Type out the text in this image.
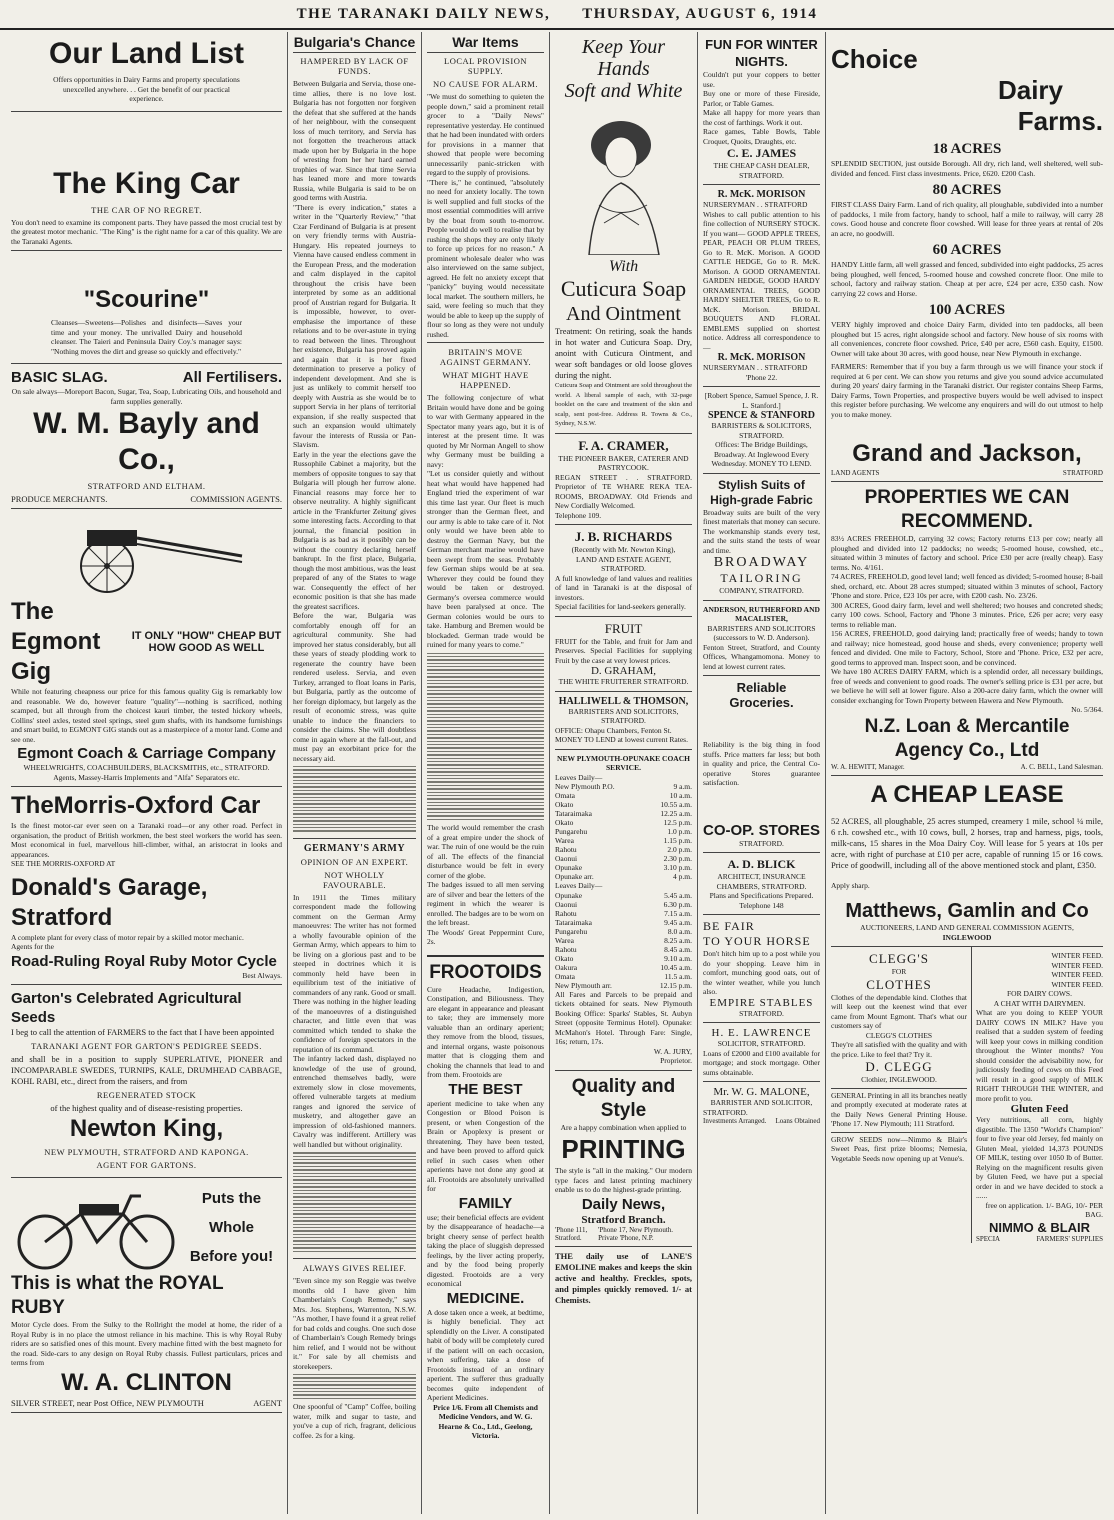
THE TARANAKI DAILY NEWS, THURSDAY, AUGUST 6, 1914
Our Land List
Offers opportunities in Dairy Farms and property speculations unexcelled anywhere. . . Get the benefit of our practical experience.
The King Car
THE CAR OF NO REGRET.
You don't need to examine its component parts. They have passed the most crucial test by the greatest motor mechanic. "The King" is the right name for a car of this quality. We are the Taranaki Agents.
"Scourine"
Cleanses—Sweetens—Polishes and disinfects—Saves your time and your money. The unrivalled Dairy and household cleanser. The Taieri and Peninsula Dairy Coy.'s manager says: "Nothing moves the dirt and grease so quickly and effectively."
BASIC SLAG.	All Fertilisers.
On sale always—Moreport Bacon, Sugar, Tea, Soap, Lubricating Oils, and household and farm supplies generally.
W. M. Bayly and Co.,
STRATFORD AND ELTHAM.
PRODUCE MERCHANTS.	COMMISSION AGENTS.
The Egmont Gig
IT ONLY "HOW" CHEAP BUT HOW GOOD AS WELL
While not featuring cheapness our price for this famous quality Gig is remarkably low and reasonable. We do, however feature "quality"—nothing is sacrificed, nothing scamped, but all through from the choicest kauri timber, the tested hickory wheels, Collins' steel axles, tested steel springs, steel gum shafts, with its handsome furnishings and smart build, to EGMONT GIG stands out as a masterpiece of a motor land. Come and see one.
Egmont Coach & Carriage Company
WHEELWRIGHTS, COACHBUILDERS, BLACKSMITHS, etc., STRATFORD.
Agents, Massey-Harris Implements and "Alfa" Separators etc.
TheMorris-Oxford Car
Is the finest motor-car ever seen on a Taranaki road—or any other road. Perfect in organisation, the product of British workmen, the best steel workers the world has seen. Most economical in fuel, marvellous hill-climber, withal, an aristocrat in looks and appearances.
SEE THE MORRIS-OXFORD AT
Donald's Garage, Stratford
A complete plant for every class of motor repair by a skilled motor mechanic.
Agents for the
Road-Ruling Royal Ruby Motor Cycle
Best Always.
Garton's Celebrated Agricultural Seeds
I beg to call the attention of FARMERS to the fact that I have been appointed
TARANAKI AGENT FOR GARTON'S PEDIGREE SEEDS.
and shall be in a position to supply SUPERLATIVE, PIONEER and INCOMPARABLE SWEDES, TURNIPS, KALE, DRUMHEAD CABBAGE, KOHL RABI, etc., direct from the raisers, and from
REGENERATED STOCK
of the highest quality and of disease-resisting properties.
Newton King,
NEW PLYMOUTH, STRATFORD AND KAPONGA.
AGENT FOR GARTONS.
Puts the
Whole
Before you!
This is what the ROYAL RUBY
Motor Cycle does. From the Sulky to the Rollright the model at home, the rider of a Royal Ruby is in no place the utmost reliance in his machine. This is why Royal Ruby riders are so satisfied ones of this mount. Every machine fitted with the best magneto for the road. Side-cars to any design on Royal Ruby chassis. Fullest particulars, prices and terms from
W. A. CLINTON
SILVER STREET, near Post Office, NEW PLYMOUTH	AGENT
Bulgaria's Chance
HAMPERED BY LACK OF FUNDS.
Between Bulgaria and Servia, those one-time allies, there is no love lost. Bulgaria has not forgotten nor forgiven the defeat that she suffered at the hands of her neighbour, with the consequent loss of much territory, and Servia has not forgotten the treacherous attack made upon her by Bulgaria in the hope of wresting from her her hard earned trophies of war. Since that time Servia has leaned more and more towards Russia, while Bulgaria is said to be on good terms with Austria.
"There is every indication," states a writer in the "Quarterly Review," "that Czar Ferdinand of Bulgaria is at present on very friendly terms with Austria-Hungary. His repeated journeys to Vienna have caused endless comment in the European Press, and the moderation and calm displayed in the capitol throughout the crisis have been interpreted by some as an additional proof of Austrian regard for Bulgaria. It is impossible, however, to over-emphasise the importance of these relations and to be over-astute in trying to read between the lines. Throughout her existence, Bulgaria has proved again and again that it is her fixed determination to preserve a policy of independent development. And she is just as unlikely to commit herself too deeply with Austria as she would be to support Servia in her plans of territorial expansion, if she really suspected that such an expansion would ultimately favour the interests of Russia or Pan-Slavism.
Early in the year the elections gave the Russophile Cabinet a majority, but the members of opposite tongues to say that Bulgaria will plough her furrow alone. Financial reasons may force her to observe neutrality. A highly significant article in the 'Frankfurter Zeitung' gives some interesting facts. According to that journal, the financial position in Bulgaria is as bad as it possibly can be without the country declaring herself bankrupt. In the first place, Bulgaria, though the most ambitious, was the least prepared of any of the States to wage war. Consequently the effect of her economic position is that she has made the greatest sacrifices.
Before the war, Bulgaria was comfortably enough off for an agricultural community. She had improved her status considerably, but all these years of steady plodding work to regenerate the country have been rendered useless. Servia, and even Turkey, arranged to float loans in Paris, but Bulgaria, partly as the outcome of her foreign diplomacy, but largely as the result of economic stress, was quite unable to induce the financiers to consider the claims. She will doubtless come in again where at the fall-out, and must pay an exorbitant price for the necessary aid.
GERMANY'S ARMY
OPINION OF AN EXPERT.
NOT WHOLLY FAVOURABLE.
In 1911 the Times military correspondent made the following comment on the German Army manoeuvres: The writer has not formed a wholly favourable opinion of the German Army, which appears to him to be living on a glorious past and to be steeped in doctrines which it is commonly held have been in equilibrium test of the initiative of commanders of any rank. Good or small. There was nothing in the higher leading of the manoeuvres of a distinguished character, and little even that was committed which tended to shake the confidence of foreign spectators in the reputation of its command.
The infantry lacked dash, displayed no knowledge of the use of ground, entrenched themselves badly, were extremely slow in close movements, offered vulnerable targets at medium ranges and ignored the service of musketry, and altogether gave an impression of old-fashioned manners. Cavalry was indifferent. Artillery was well handled but without originality.
ALWAYS GIVES RELIEF.
"Even since my son Reggie was twelve months old I have given him Chamberlain's Cough Remedy," says Mrs. Jos. Stephens, Warrenton, N.S.W. "As mother, I have found it a great relief for bad colds and coughs. One such dose of Chamberlain's Cough Remedy brings him relief, and I would not be without it." For sale by all chemists and storekeepers.
One spoonful of "Camp" Coffee, boiling water, milk and sugar to taste, and you've a cup of rich, fragrant, delicious coffee. 2s for a king.
War Items
LOCAL PROVISION SUPPLY.
NO CAUSE FOR ALARM.
"We must do something to quieten the people down," said a prominent retail grocer to a "Daily News" representative yesterday. He continued that he had been inundated with orders for provisions in a manner that showed that people were becoming unnecessarily panic-stricken with regard to the supply of provisions.
"There is," he continued, "absolutely no need for anxiety locally. The town is well supplied and full stocks of the most essential commodities will arrive by the boat from south to-morrow. People would do well to realise that by rushing the shops they are only likely to force up prices for no reason." A prominent wholesale dealer who was also interviewed on the same subject, agreed. He felt no anxiety except that "panicky" buying would necessitate local market. The southern millers, he said, were feeling so much that they would be able to keep up the supply of flour so long as they were not unduly rushed.
BRITAIN'S MOVE AGAINST GERMANY.
WHAT MIGHT HAVE HAPPENED.
The following conjecture of what Britain would have done and be going to war with Germany appeared in the Spectator many years ago, but it is of interest at the present time. It was quoted by Mr Norman Angell to show why Germany must be building a navy:
"Let us consider quietly and without heat what would have happened had England tried the experiment of war this time last year. Our fleet is much stronger than the German fleet, and our army is able to take care of it. Not only would we have been able to destroy the German Navy, but the German merchant marine would have been swept from the seas. Probably few German ships would be at sea. Wherever they could be found they would be taken or destroyed. Germany's oversea commerce would have been paralysed at once. The German colonies would be ours to take. Hamburg and Bremen would be blockaded. German trade would be ruined for many years to come."
The world would remember the crash of a great empire under the shock of war. The ruin of one would be the ruin of all. The effects of the financial disturbance would be felt in every corner of the globe.
The badges issued to all men serving are of silver and bear the letters of the regiment in which the wearer is enrolled. The badges are to be worn on the left breast.
The Woods' Great Peppermint Cure, 2s.
FROOTOIDS
Cure Headache, Indigestion, Constipation, and Biliousness. They are elegant in appearance and pleasant to take; they are immensely more valuable than an ordinary aperient; they remove from the blood, tissues, and internal organs, waste poisonous matter that is clogging them and choking the channels that lead to and from them. Frootoids are
THE BEST
aperient medicine to take when any Congestion or Blood Poison is present, or when Congestion of the Brain or Apoplexy is present or threatening. They have been tested, and have been proved to afford quick relief in such cases when other aperients have not done any good at all. Frootoids are absolutely unrivalled for
FAMILY
use; their beneficial effects are evident by the disappearance of headache—a bright cheery sense of perfect health taking the place of sluggish depressed feelings, by the liver acting properly, and by the food being properly digested. Frootoids are a very economical
MEDICINE.
A dose taken once a week, at bedtime, is highly beneficial. They act splendidly on the Liver. A constipated habit of body will be completely cured if the patient will on each occasion, when suffering, take a dose of Frootoids instead of an ordinary aperient. The sufferer thus gradually becomes quite independent of Aperient Medicines.
Price 1/6. From all Chemists and Medicine Vendors, and W. G. Hearne & Co., Ltd., Geelong, Victoria.
Keep Your Hands
Soft and White
With
Cuticura Soap
And Ointment
Treatment: On retiring, soak the hands in hot water and Cuticura Soap. Dry, anoint with Cuticura Ointment, and wear soft bandages or old loose gloves during the night.
Cuticura Soap and Ointment are sold throughout the world. A liberal sample of each, with 32-page booklet on the care and treatment of the skin and scalp, sent post-free. Address R. Towns & Co., Sydney, N.S.W.
F. A. CRAMER,
THE PIONEER BAKER, CATERER AND PASTRYCOOK.
REGAN STREET . . STRATFORD. Proprietor of TE WHARE REKA TEA-ROOMS, BROADWAY. Old Friends and New Cordially Welcomed.
Telephone 109.
J. B. RICHARDS
(Recently with Mr. Newton King),
LAND AND ESTATE AGENT,
STRATFORD.
A full knowledge of land values and realities of land in Taranaki is at the disposal of investors.
Special facilities for land-seekers generally.
FRUIT
FRUIT for the Table, and fruit for Jam and Preserves. Special Facilities for supplying Fruit by the case at very lowest prices.
D. GRAHAM,
THE WHITE FRUITERER STRATFORD.
HALLIWELL & THOMSON,
BARRISTERS AND SOLICITORS, STRATFORD.
OFFICE: Ohapu Chambers, Fenton St.
MONEY TO LEND at lowest current Rates.
NEW PLYMOUTH-OPUNAKE COACH SERVICE.
Leaves Daily—
New Plymouth P.O.	9 a.m.
Omata	10 a.m.
Okato	10.55 a.m.
Tataraimaka	12.25 a.m.
Okato	12.5 p.m.
Pungarehu	1.0 p.m.
Warea	1.15 p.m.
Rahotu	2.0 p.m.
Oaonui	2.30 p.m.
Opunake	3.10 p.m.
Opunake arr.	4 p.m.
Leaves Daily—
Opunake	5.45 a.m.
Oaonui	6.30 p.m.
Rahotu	7.15 a.m.
Tataraimaka	9.45 a.m.
Pungarehu	8.0 a.m.
Warea	8.25 a.m.
Rahotu	8.45 a.m.
Okato	9.10 a.m.
Oakura	10.45 a.m.
Omata	11.5 a.m.
New Plymouth arr.	12.15 p.m.
All Fares and Parcels to be prepaid and tickets obtained for seats. New Plymouth Booking Office: Sparks' Stables, St. Aubyn Street (opposite Terminus Hotel). Opunake: McMahon's Hotel. Through Fare: Single, 16s; return, 17s.
W. A. JURY,
Proprietor.
Quality and
Style
Are a happy combination when applied to
PRINTING
The style is "all in the making." Our modern type faces and latest printing machinery enable us to do the highest-grade printing.
Daily News,
Stratford Branch.
'Phone 111, Stratford.
'Phone 17, New Plymouth. Private 'Phone, N.P.
THE daily use of LANE'S EMOLINE makes and keeps the skin active and healthy. Freckles, spots, and pimples quickly removed. 1/- at Chemists.
FUN FOR WINTER NIGHTS.
Couldn't put your coppers to better use.
Buy one or more of these Fireside, Parlor, or Table Games.
Make all happy for more years than the cost of farthings. Work it out.
Race games, Table Bowls, Table Croquet, Quoits, Draughts, etc.
C. E. JAMES
THE CHEAP CASH DEALER, STRATFORD.
R. McK. MORISON
NURSERYMAN . . STRATFORD
Wishes to call public attention to his fine collection of NURSERY STOCK. If you want— GOOD APPLE TREES, PEAR, PEACH OR PLUM TREES, Go to R. McK. Morison. A GOOD CATTLE HEDGE, Go to R. McK. Morison. A GOOD ORNAMENTAL GARDEN HEDGE, GOOD HARDY ORNAMENTAL TREES, GOOD HARDY SHELTER TREES, Go to R. McK. Morison. BRIDAL BOUQUETS AND FLORAL EMBLEMS supplied on shortest notice. Address all correspondence to—
R. McK. MORISON
NURSERYMAN . . STRATFORD
'Phone 22.
[Robert Spence, Samuel Spence, J. R. L. Stanford.]
SPENCE & STANFORD
BARRISTERS & SOLICITORS, STRATFORD.
Offices: The Bridge Buildings, Broadway. At Inglewood Every Wednesday. MONEY TO LEND.
Stylish Suits of High-grade Fabric
Broadway suits are built of the very finest materials that money can secure. The workmanship stands every test, and the suits stand the tests of wear and time.
BROADWAY
TAILORING
COMPANY, STRATFORD.
ANDERSON, RUTHERFORD AND MACALISTER,
BARRISTERS AND SOLICITORS (successors to W. D. Anderson).
Fenton Street, Stratford, and County Offices, Whangamomona. Money to lend at lowest current rates.
Reliable Groceries.
Reliability is the big thing in food stuffs. Price matters far less; but both in quality and price, the Central Co-operative Stores guarantee satisfaction.
CO-OP. STORES
STRATFORD.
A. D. BLICK
ARCHITECT, INSURANCE CHAMBERS, STRATFORD.
Plans and Specifications Prepared. Telephone 148
BE FAIR
TO YOUR HORSE
Don't hitch him up to a post while you do your shopping. Leave him in comfort, munching good oats, out of the winter weather, while you lunch also.
EMPIRE STABLES
STRATFORD.
H. E. LAWRENCE
SOLICITOR, STRATFORD.
Loans of £2000 and £100 available for mortgage; and stock mortgage. Other sums obtainable.
Mr. W. G. MALONE,
BARRISTER AND SOLICITOR,
STRATFORD.
Investments Arranged. Loans Obtained
Choice
Dairy
Farms.
18 ACRES
SPLENDID SECTION, just outside Borough. All dry, rich land, well sheltered, well sub-divided and fenced. First class investments. Price, £620. £200 Cash.
80 ACRES
FIRST CLASS Dairy Farm. Land of rich quality, all ploughable, subdivided into a number of paddocks, 1 mile from factory, handy to school, half a mile to railway, will carry 28 cows. Good house and concrete floor cowshed. Will lease for three years at rental of 20s an acre, no goodwill.
60 ACRES
HANDY Little farm, all well grassed and fenced, subdivided into eight paddocks, 25 acres being ploughed, well fenced, 5-roomed house and cowshed concrete floor. One mile to school, factory and railway station. Cheap at per acre, £24 per acre, £350 cash. Now carrying 22 cows and Horse.
100 ACRES
VERY highly improved and choice Dairy Farm, divided into ten paddocks, all been ploughed but 15 acres, right alongside school and factory. New house of six rooms with all conveniences, concrete floor cowshed. Price, £40 per acre, £560 cash. Equity, £1500. Owner will take about 30 acres, with good house, near New Plymouth in exchange.
FARMERS: Remember that if you buy a farm through us we will finance your stock if required at 6 per cent. We can show you returns and give you sound advice accumulated during 20 years' dairy farming in the Taranaki district. Our register contains Sheep Farms, Dairy Farms, Town Properties, and prospective buyers would be well advised to inspect this register before purchasing. We welcome any enquirers and will do out utmost to help you to make money.
Grand and Jackson,
LAND AGENTS	STRATFORD
PROPERTIES WE CAN RECOMMEND.
83½ ACRES FREEHOLD, carrying 32 cows; Factory returns £13 per cow; nearly all ploughed and divided into 12 paddocks; no weeds; 5-roomed house, cowshed, etc., situated within 3 minutes of factory and school. Price £30 per acre (really cheap). Easy terms. No. 4/161.
74 ACRES, FREEHOLD, good level land; well fenced as divided; 5-roomed house; 8-bail shed, orchard, etc. About 28 acres stumped; situated within 3 minutes of school, Factory 'Phone and store. Price, £23 10s per acre, with £200 cash. No. 23/26.
300 ACRES, Good dairy farm, level and well sheltered; two houses and concreted sheds; carry 100 cows. School, Factory and 'Phone 3 minutes. Price, £26 per acre; very easy terms to reliable man.
156 ACRES, FREEHOLD, good dairying land; practically free of weeds; handy to town and railway; nice homestead, good house and sheds, every convenience; property well fenced and divided. One mile to Factory, School, Store and 'Phone. Price, £32 per acre, good terms to approved man. Inspect soon, and be convinced.
We have 180 ACRES DAIRY FARM, which is a splendid order, all necessary buildings, free of weeds and convenient to good roads. The owner's selling price is £31 per acre, but we believe he will sell at lower figure. Also a 200-acre dairy farm, which the owner will consider exchanging for Town Property between Hawera and New Plymouth.
No. 5/364.
N.Z. Loan & Mercantile Agency Co., Ltd
W. A. HEWITT, Manager.	A. C. BELL, Land Salesman.
A CHEAP LEASE
52 ACRES, all ploughable, 25 acres stumped, creamery 1 mile, school ¼ mile, 6 r.h. cowshed etc., with 10 cows, bull, 2 horses, trap and harness, pigs, tools, milk-cans, 15 shares in the Moa Dairy Coy. Will lease for 5 years at 10s per acre, with right of purchase at £10 per acre, capable of running 15 or 16 cows. Price of goodwill, including all of the above mentioned stock and plant, £350.
Apply sharp.
Matthews, Gamlin and Co
AUCTIONEERS, LAND AND GENERAL COMMISSION AGENTS,
INGLEWOOD
CLEGG'S
FOR
CLOTHES
Clothes of the dependable kind. Clothes that will keep out the keenest wind that ever came from Mount Egmont. That's what our customers say of
CLEGG'S CLOTHES
They're all satisfied with the quality and with the price. Like to feel that? Try it.
D. CLEGG
Clothier, INGLEWOOD.
GENERAL Printing in all its branches neatly and promptly executed at moderate rates at the Daily News General Printing House. 'Phone 17. New Plymouth; 111 Stratford.
GROW SEEDS now—Nimmo & Blair's Sweet Peas, first prize blooms; Nemesia, Vegetable Seeds now opening up at Venue's.
WINTER FEED.
WINTER FEED.
WINTER FEED.
WINTER FEED.
FOR DAIRY COWS.
A CHAT WITH DAIRYMEN.
What are you doing to KEEP YOUR DAIRY COWS IN MILK? Have you realised that a sudden system of feeding will keep your cows in milking condition throughout the Winter months? You should consider the advisability now, for judiciously feeding of cows on this Feed will result in a good supply of MILK RIGHT THROUGH THE WINTER, and more profit to you.
Gluten Feed
Very nutritious, all corn, highly digestible. The 1350 "World's Champion" four to five year old Jersey, fed mainly on Gluten Meal, yielded 14,373 POUNDS OF MILK, testing over 1050 lb of Butter. Relying on the magnificent results given by Gluten Feed, we have put a special order in and we have decided to stock a ......
free on application. 1/- BAG, 10/- PER BAG.
NIMMO & BLAIR
SPECIA	FARMERS' SUPPLIES
